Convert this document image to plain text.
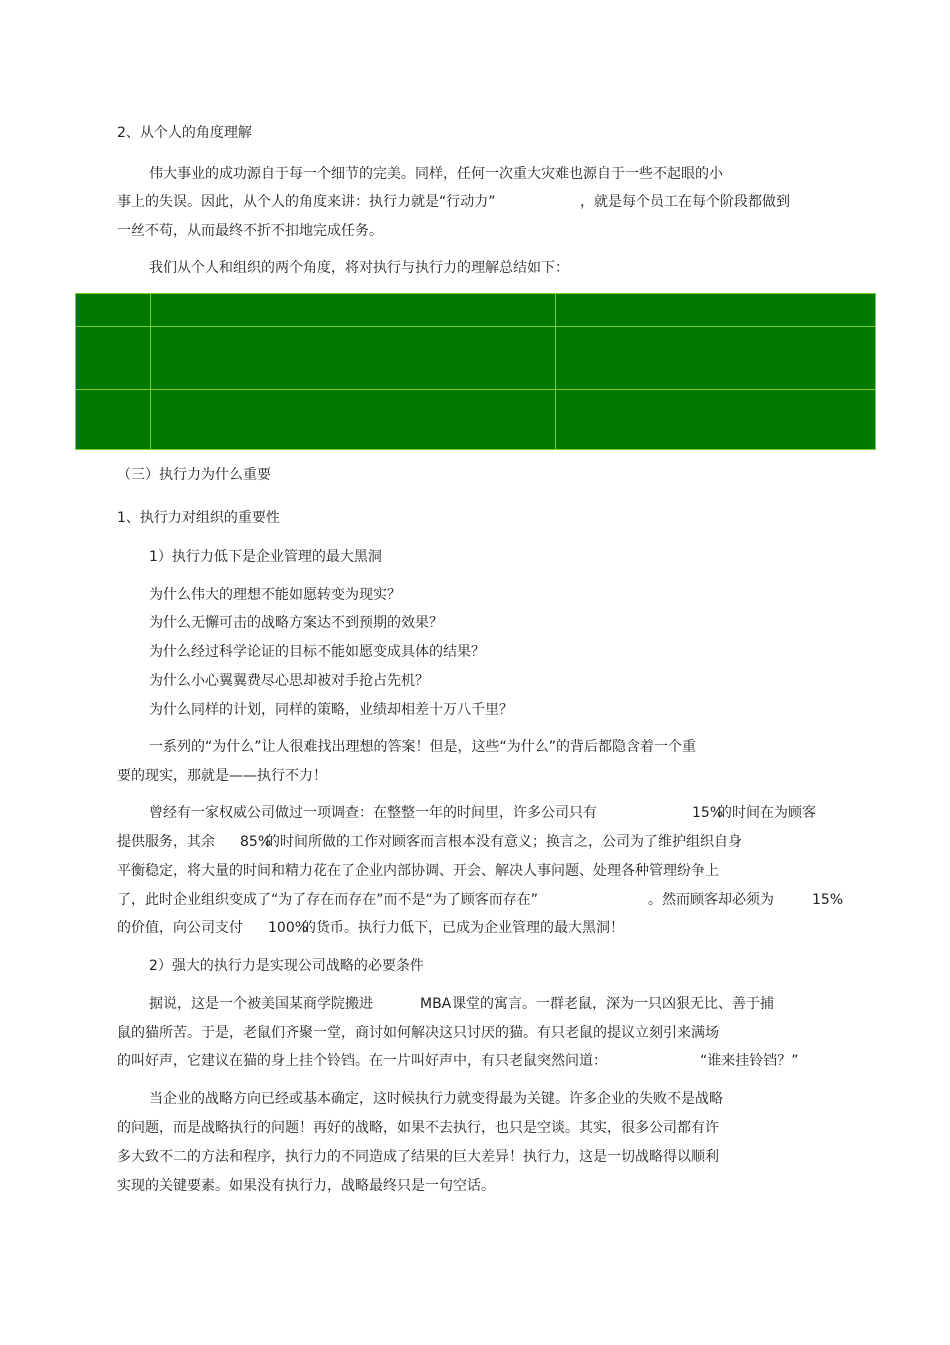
2、从个人的角度理解
伟大事业的成功源自于每一个细节的完美。同样，任何一次重大灾难也源自于一些不起眼的小
事上的失误。因此，从个人的角度来讲：执行力就是“行动力”	，就是每个员工在每个阶段都做到
一丝不苟，从而最终不折不扣地完成任务。
我们从个人和组织的两个角度，将对执行与执行力的理解总结如下：
（三）执行力为什么重要
1、执行力对组织的重要性
1）执行力低下是企业管理的最大黑洞
为什么伟大的理想不能如愿转变为现实？
为什么无懈可击的战略方案达不到预期的效果？
为什么经过科学论证的目标不能如愿变成具体的结果？
为什么小心翼翼费尽心思却被对手抢占先机？
为什么同样的计划，同样的策略，业绩却相差十万八千里？
一系列的“为什么”让人很难找出理想的答案！但是，这些“为什么”的背后都隐含着一个重
要的现实，那就是——执行不力！
曾经有一家权威公司做过一项调查：在整整一年的时间里，许多公司只有	15%
的时间在为顾客
提供服务，其余 85%
的时间所做的工作对顾客而言根本没有意义；换言之，公司为了维护组织自身
平衡稳定，将大量的时间和精力花在了企业内部协调、开会、解决人事问题、处理各种管理纷争上
了，此时企业组织变成了“为了存在而存在”而不是“为了顾客而存在”	。然而顾客却必须为	15%
的价值，向公司支付 100%
的货币。执行力低下，已成为企业管理的最大黑洞！
2）强大的执行力是实现公司战略的必要条件
据说，这是一个被美国某商学院搬进	MBA 课堂的寓言。一群老鼠，深为一只凶狠无比、善于捕
鼠的猫所苦。于是，老鼠们齐聚一堂，商讨如何解决这只讨厌的猫。有只老鼠的提议立刻引来满场
的叫好声，它建议在猫的身上挂个铃铛。在一片叫好声中，有只老鼠突然问道：	“谁来挂铃铛？”
当企业的战略方向已经或基本确定，这时候执行力就变得最为关键。许多企业的失败不是战略
的问题，而是战略执行的问题！再好的战略，如果不去执行，也只是空谈。其实，很多公司都有许
多大致不二的方法和程序，执行力的不同造成了结果的巨大差异！执行力，这是一切战略得以顺利
实现的关键要素。如果没有执行力，战略最终只是一句空话。
